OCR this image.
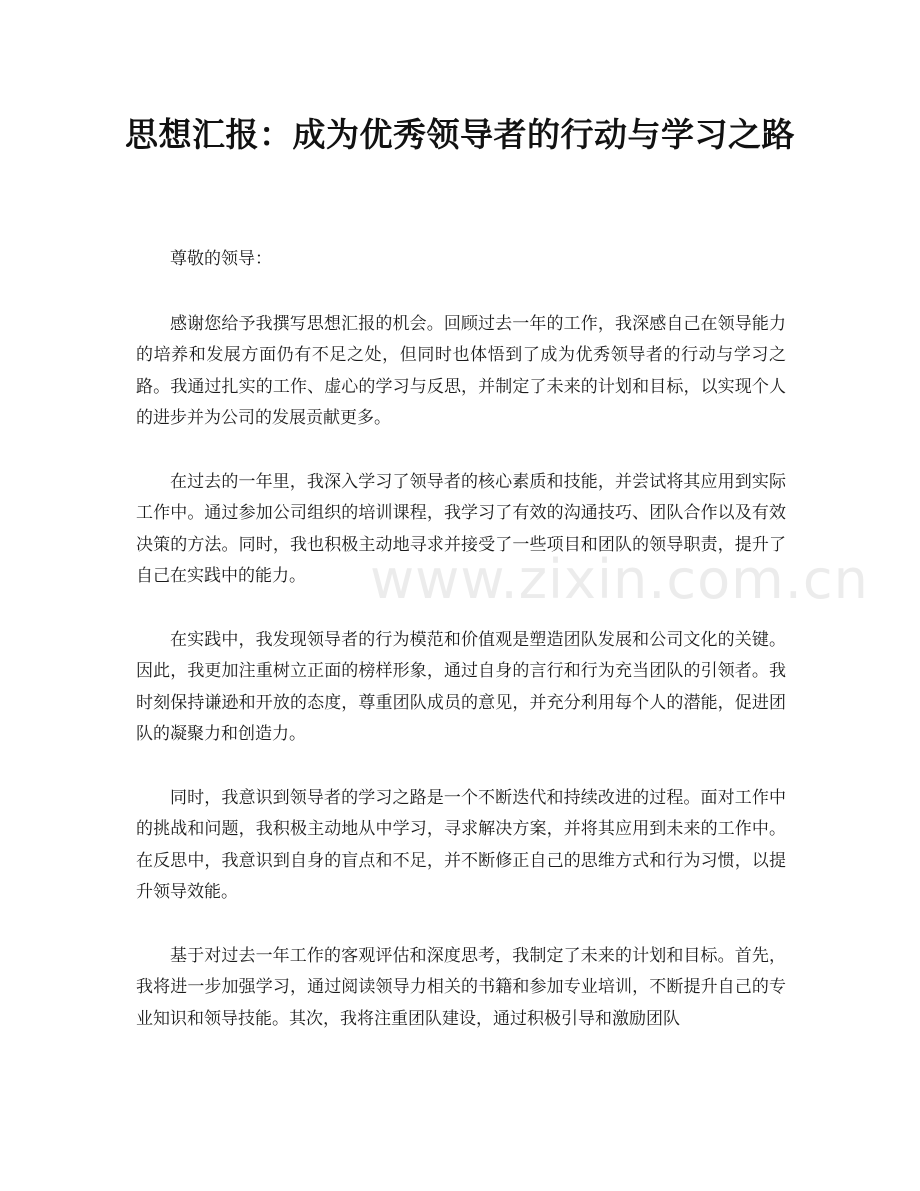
思想汇报：成为优秀领导者的行动与学习之路

尊敬的领导：

感谢您给予我撰写思想汇报的机会。回顾过去一年的工作，我深感自己在领导能力的培养和发展方面仍有不足之处，但同时也体悟到了成为优秀领导者的行动与学习之路。我通过扎实的工作、虚心的学习与反思，并制定了未来的计划和目标，以实现个人的进步并为公司的发展贡献更多。

在过去的一年里，我深入学习了领导者的核心素质和技能，并尝试将其应用到实际工作中。通过参加公司组织的培训课程，我学习了有效的沟通技巧、团队合作以及有效决策的方法。同时，我也积极主动地寻求并接受了一些项目和团队的领导职责，提升了自己在实践中的能力。

在实践中，我发现领导者的行为模范和价值观是塑造团队发展和公司文化的关键。因此，我更加注重树立正面的榜样形象，通过自身的言行和行为充当团队的引领者。我时刻保持谦逊和开放的态度，尊重团队成员的意见，并充分利用每个人的潜能，促进团队的凝聚力和创造力。

同时，我意识到领导者的学习之路是一个不断迭代和持续改进的过程。面对工作中的挑战和问题，我积极主动地从中学习，寻求解决方案，并将其应用到未来的工作中。在反思中，我意识到自身的盲点和不足，并不断修正自己的思维方式和行为习惯，以提升领导效能。

基于对过去一年工作的客观评估和深度思考，我制定了未来的计划和目标。首先，我将进一步加强学习，通过阅读领导力相关的书籍和参加专业培训，不断提升自己的专业知识和领导技能。其次，我将注重团队建设，通过积极引导和激励团队

www.zixin.com.cn
